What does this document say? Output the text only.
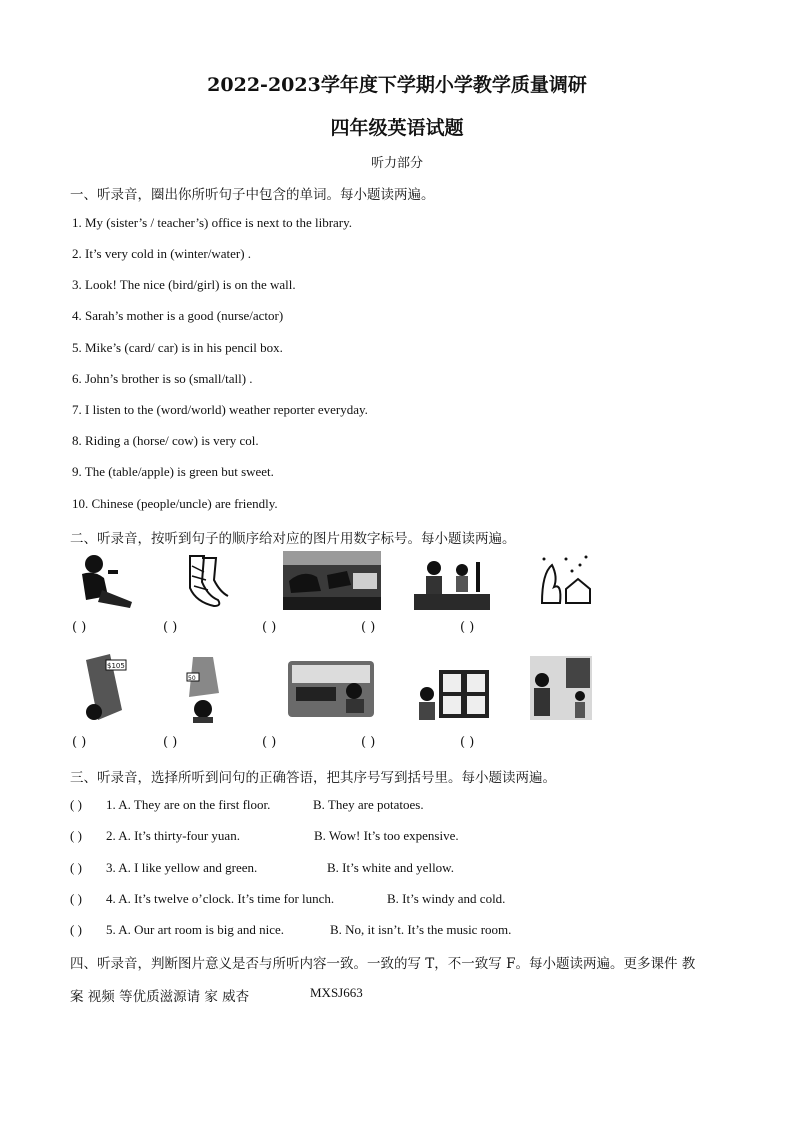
2022-2023学年度下学期小学教学质量调研
四年级英语试题
听力部分
一、听录音，圈出你所听句子中包含的单词。每小题读两遍。
1. My (sister’s / teacher’s) office is next to the library.
2. It’s very cold in (winter/water) .
3. Look! The nice (bird/girl) is on the wall.
4. Sarah’s mother is a good (nurse/actor)
5. Mike’s (card/ car) is in his pencil box.
6. John’s brother is so (small/tall) .
7. I listen to the (word/world) weather reporter everyday.
8. Riding a (horse/ cow) is very col.
9. The (table/apple) is green but sweet.
10. Chinese (people/uncle) are friendly.
二、听录音，按听到句子的顺序给对应的图片用数字标号。每小题读两遍。
( )	( )	( )	( )	( )
$105
50
( )	( )	( )	( )	( )
三、听录音，选择所听到问句的正确答语，把其序号写到括号里。每小题读两遍。
( ) 1. A. They are on the first floor.	B. They are potatoes.
( ) 2. A. It’s thirty-four yuan.	B. Wow! It’s too expensive.
( ) 3. A. I like yellow and green.	B. It’s white and yellow.
( ) 4. A. It’s twelve o’clock. It’s time for lunch.	B. It’s windy and cold.
( ) 5. A. Our art room is big and nice.	B. No, it isn’t. It’s the music room.
四、听录音，判断图片意义是否与所听内容一致。一致的写 T，不一致写 F。每小题读两遍。更多课件 教
案 视频 等优质滋源请 家 威杏	MXSJ663
